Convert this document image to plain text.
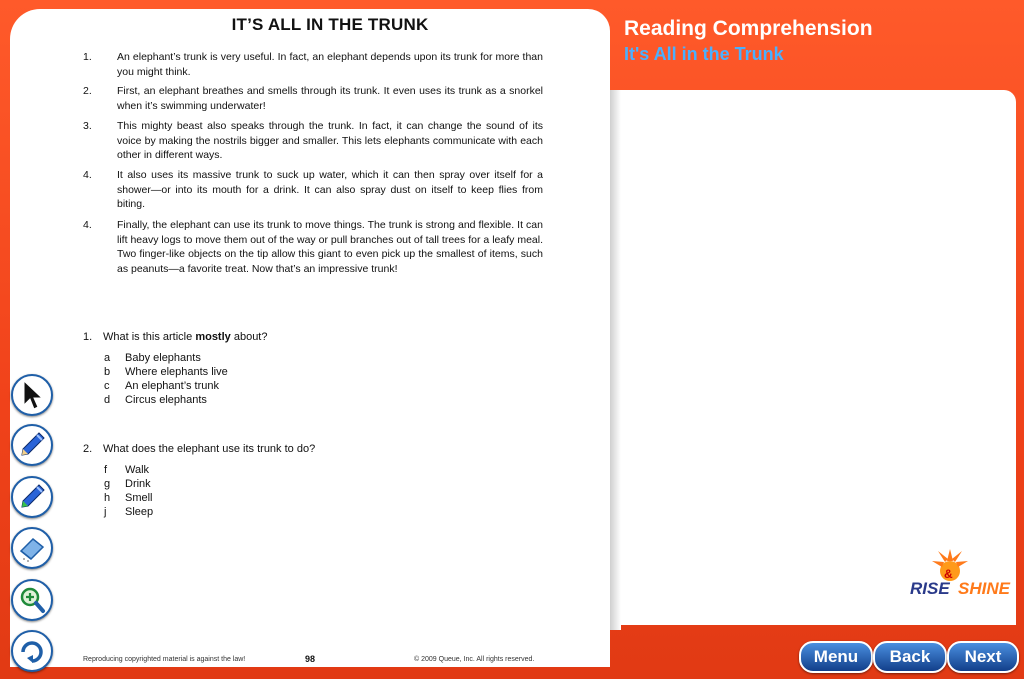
Reading Comprehension
It's All in the Trunk
IT’S ALL IN THE TRUNK
1. An elephant’s trunk is very useful. In fact, an elephant depends upon its trunk for more than you might think.
2. First, an elephant breathes and smells through its trunk. It even uses its trunk as a snorkel when it’s swimming underwater!
3. This mighty beast also speaks through the trunk. In fact, it can change the sound of its voice by making the nostrils bigger and smaller. This lets elephants communicate with each other in different ways.
4. It also uses its massive trunk to suck up water, which it can then spray over itself for a shower—or into its mouth for a drink. It can also spray dust on itself to keep flies from biting.
4. Finally, the elephant can use its trunk to move things. The trunk is strong and flexible. It can lift heavy logs to move them out of the way or pull branches out of tall trees for a leafy meal. Two finger-like objects on the tip allow this giant to even pick up the smallest of items, such as peanuts—a favorite treat. Now that’s an impressive trunk!
1. What is this article mostly about?
a Baby elephants
b Where elephants live
c An elephant’s trunk
d Circus elephants
2. What does the elephant use its trunk to do?
f Walk
g Drink
h Smell
j Sleep
Reproducing copyrighted material is against the law!	98	© 2009 Queue, Inc. All rights reserved.
RISE
&
SHINE
Menu	Back	Next
